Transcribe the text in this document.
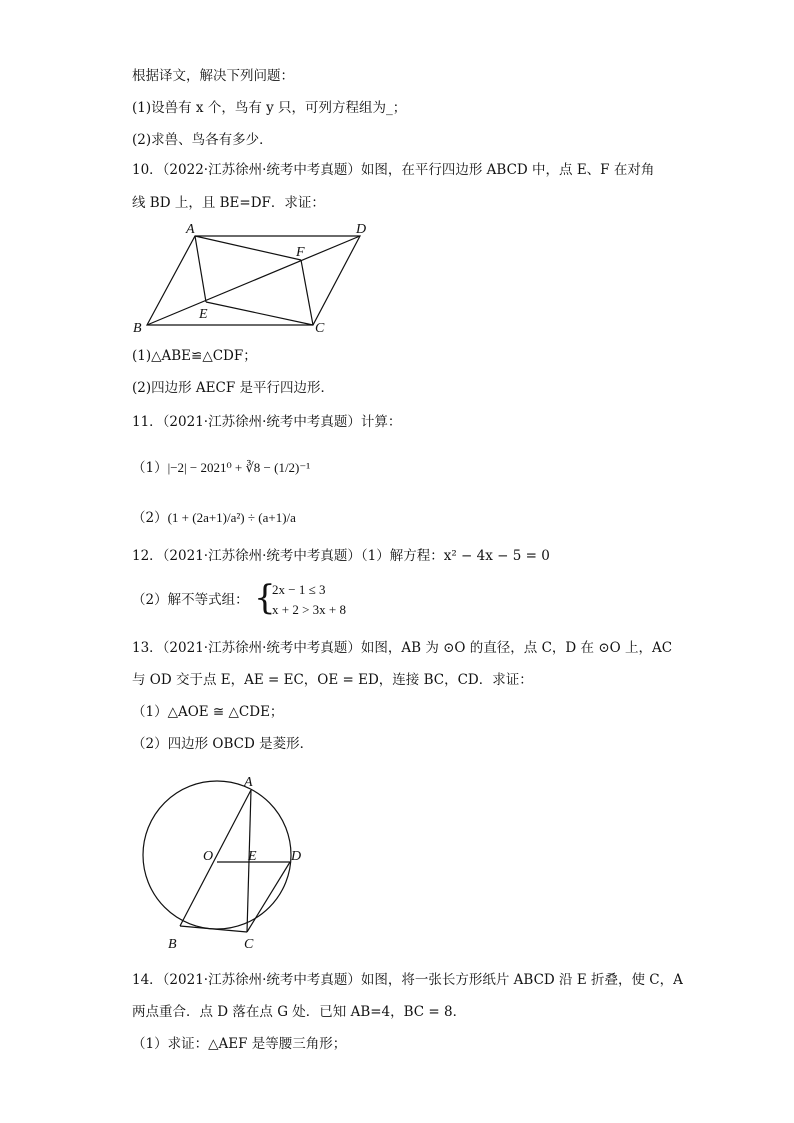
根据译文，解决下列问题：
(1)设兽有 x 个，鸟有 y 只，可列方程组为_；
(2)求兽、鸟各有多少．
10．（2022·江苏徐州·统考中考真题）如图，在平行四边形 ABCD 中，点 E、F 在对角
线 BD 上，且 BE=DF．求证：
A	D
F
E
B	C
(1)△ABE≌△CDF；
(2)四边形 AECF 是平行四边形．
11．（2021·江苏徐州·统考中考真题）计算：
（1）|−2| − 2021⁰ + ∛8 − (1/2)⁻¹
（2）(1 + (2a+1)/a²) ÷ (a+1)/a
12．（2021·江苏徐州·统考中考真题）（1）解方程：x² − 4x − 5 = 0
（2）解不等式组： {
2x − 1 ≤ 3
x + 2 > 3x + 8
13．（2021·江苏徐州·统考中考真题）如图，AB 为 ⊙O 的直径，点 C，D 在 ⊙O 上，AC
与 OD 交于点 E，AE = EC，OE = ED，连接 BC，CD．求证：
（1）△AOE ≅ △CDE；
（2）四边形 OBCD 是菱形．
A
O E D
B	C
14．（2021·江苏徐州·统考中考真题）如图，将一张长方形纸片 ABCD 沿 E 折叠，使 C，A
两点重合．点 D 落在点 G 处．已知 AB=4，BC = 8．
（1）求证：△AEF 是等腰三角形；
